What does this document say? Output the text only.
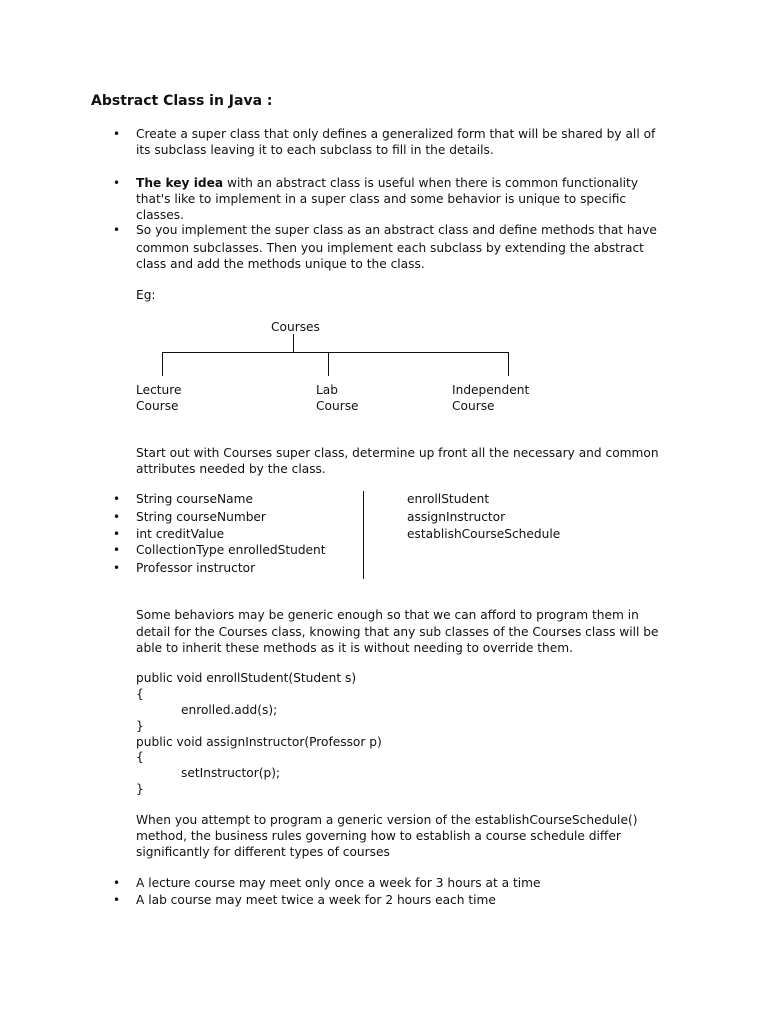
Abstract Class in Java :
• Create a super class that only defines a generalized form that will be shared by all of

its subclass leaving it to each subclass to fill in the details.

• The key idea with an abstract class is useful when there is common functionality

that's like to implement in a super class and some behavior is unique to specific

classes.

• So you implement the super class as an abstract class and define methods that have

common subclasses. Then you implement each subclass by extending the abstract

class and add the methods unique to the class.

Eg:

Courses

Lecture

Course

Lab

Course

Independent

Course

Start out with Courses super class, determine up front all the necessary and common

attributes needed by the class.

• String courseName

• String courseNumber

• int creditValue

• CollectionType enrolledStudent

• Professor instructor

enrollStudent

assignInstructor

establishCourseSchedule

Some behaviors may be generic enough so that we can afford to program them in

detail for the Courses class, knowing that any sub classes of the Courses class will be

able to inherit these methods as it is without needing to override them.

public void enrollStudent(Student s)

{

enrolled.add(s);

}

public void assignInstructor(Professor p)

{

setInstructor(p);

}

When you attempt to program a generic version of the establishCourseSchedule()

method, the business rules governing how to establish a course schedule differ

significantly for different types of courses

• A lecture course may meet only once a week for 3 hours at a time

• A lab course may meet twice a week for 2 hours each time
